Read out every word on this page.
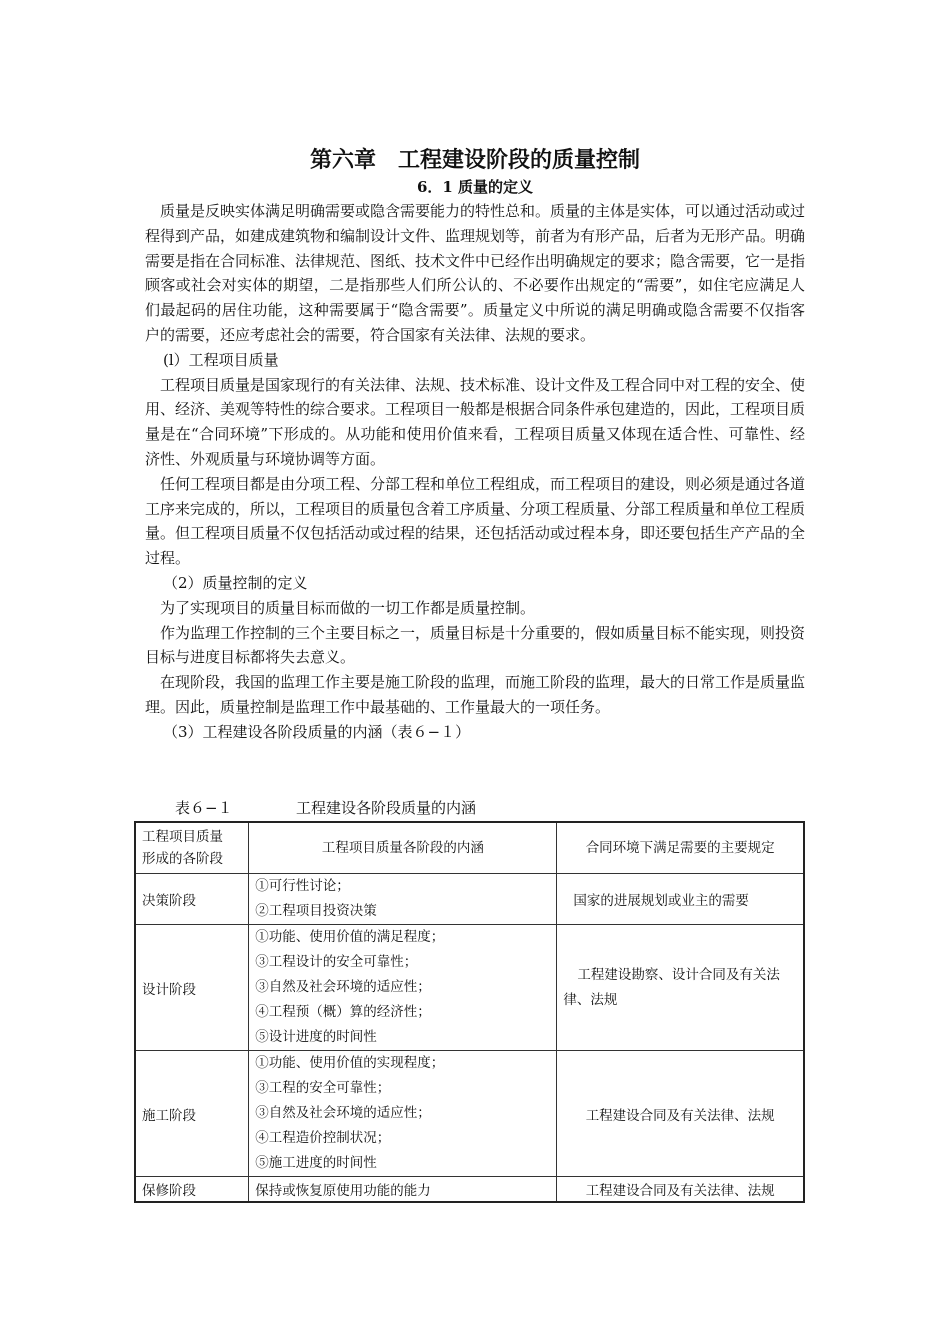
第六章　工程建设阶段的质量控制
6．1 质量的定义

质量是反映实体满足明确需要或隐含需要能力的特性总和。质量的主体是实体，可以通过活动或过程得到产品，如建成建筑物和编制设计文件、监理规划等，前者为有形产品，后者为无形产品。明确需要是指在合同标准、法律规范、图纸、技术文件中已经作出明确规定的要求；隐含需要，它一是指顾客或社会对实体的期望，二是指那些人们所公认的、不必要作出规定的“需要”，如住宅应满足人们最起码的居住功能，这种需要属于“隐含需要”。质量定义中所说的满足明确或隐含需要不仅指客户的需要，还应考虑社会的需要，符合国家有关法律、法规的要求。

(l）工程项目质量

工程项目质量是国家现行的有关法律、法规、技术标准、设计文件及工程合同中对工程的安全、使用、经济、美观等特性的综合要求。工程项目一般都是根据合同条件承包建造的，因此，工程项目质量是在“合同环境”下形成的。从功能和使用价值来看，工程项目质量又体现在适合性、可靠性、经济性、外观质量与环境协调等方面。

任何工程项目都是由分项工程、分部工程和单位工程组成，而工程项目的建设，则必须是通过各道工序来完成的，所以，工程项目的质量包含着工序质量、分项工程质量、分部工程质量和单位工程质量。但工程项目质量不仅包括活动或过程的结果，还包括活动或过程本身，即还要包括生产产品的全过程。

（2）质量控制的定义

为了实现项目的质量目标而做的一切工作都是质量控制。

作为监理工作控制的三个主要目标之一，质量目标是十分重要的，假如质量目标不能实现，则投资目标与进度目标都将失去意义。

在现阶段，我国的监理工作主要是施工阶段的监理，而施工阶段的监理，最大的日常工作是质量监理。因此，质量控制是监理工作中最基础的、工作量最大的一项任务。

（3）工程建设各阶段质量的内涵（表６−１）

表６−１	工程建设各阶段质量的内涵
工程项目质量
形成的各阶段	工程项目质量各阶段的内涵	合同环境下满足需要的主要规定
决策阶段	①可行性讨论；
②工程项目投资决策	国家的进展规划或业主的需要
设计阶段	①功能、使用价值的满足程度；
③工程设计的安全可靠性；
③自然及社会环境的适应性；
④工程预（概）算的经济性；
⑤设计进度的时间性	工程建设勘察、设计合同及有关法律、法规
施工阶段	①功能、使用价值的实现程度；
③工程的安全可靠性；
③自然及社会环境的适应性；
④工程造价控制状况；
⑤施工进度的时间性	工程建设合同及有关法律、法规
保修阶段	保持或恢复原使用功能的能力	工程建设合同及有关法律、法规
